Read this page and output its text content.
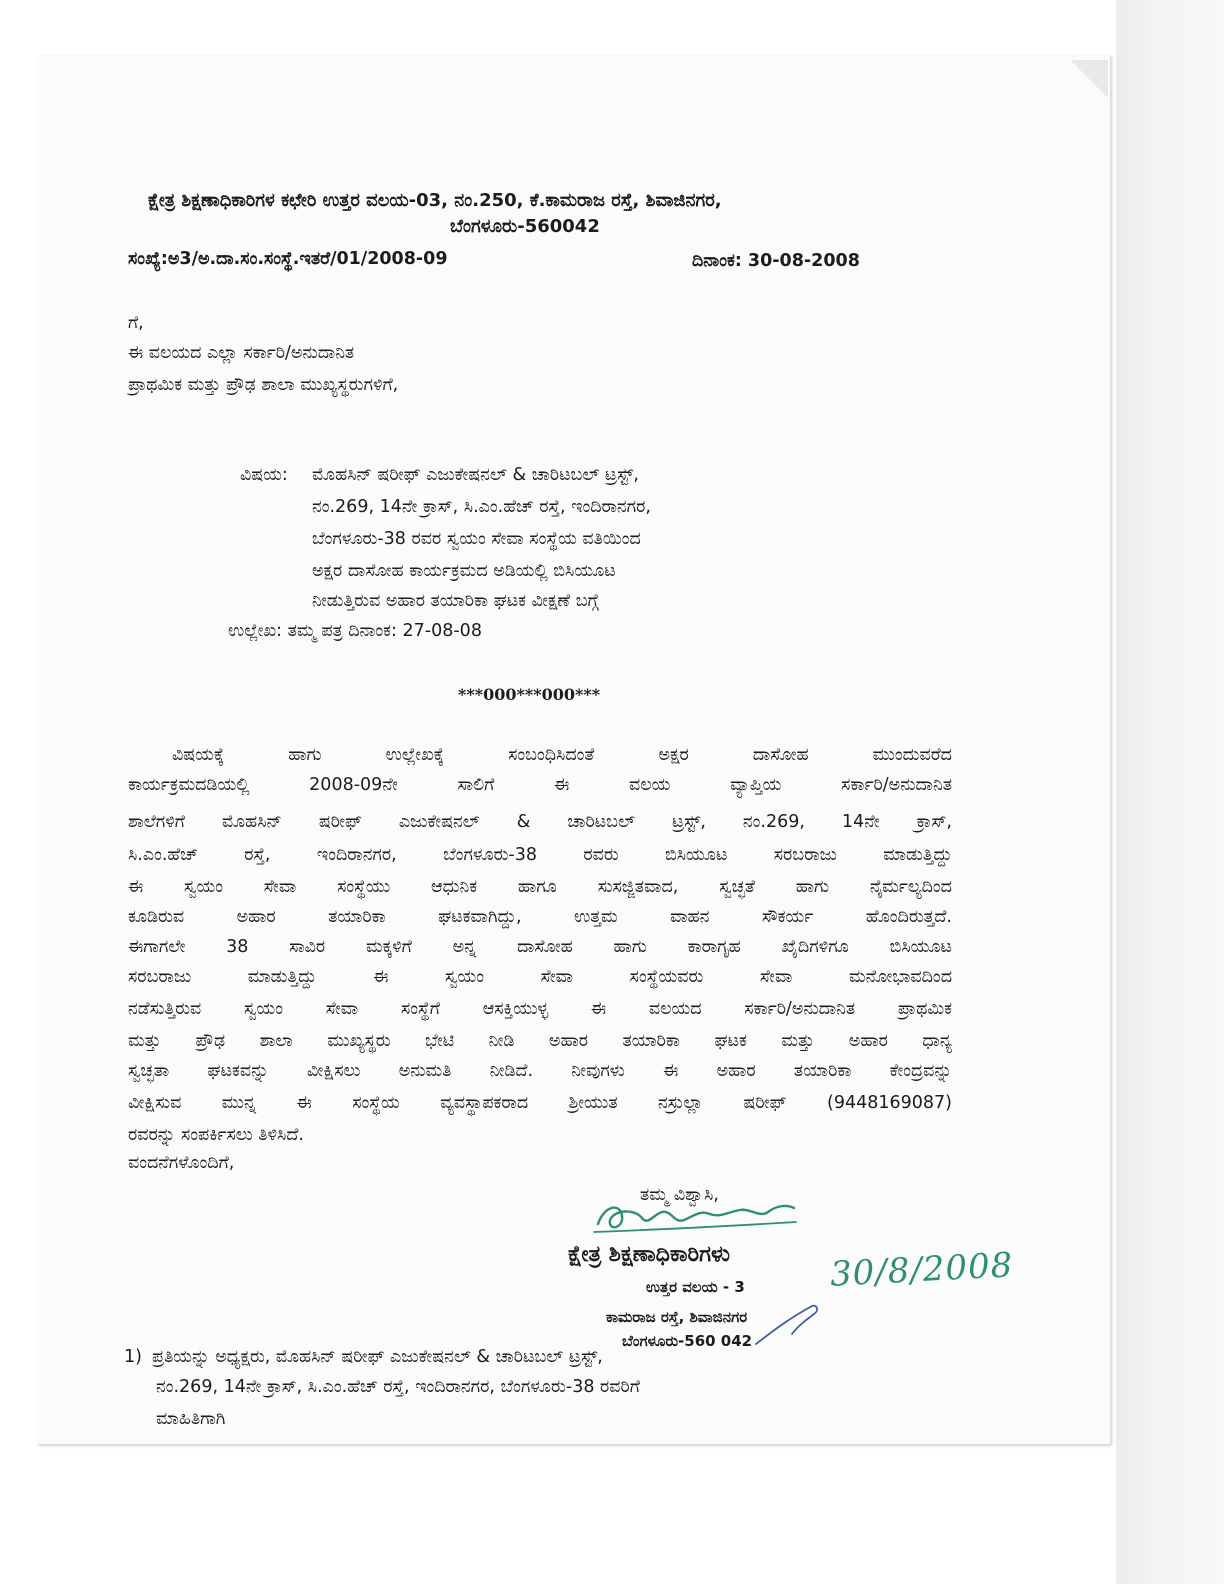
ಕ್ಷೇತ್ರ ಶಿಕ್ಷಣಾಧಿಕಾರಿಗಳ ಕಛೇರಿ ಉತ್ತರ ವಲಯ-03, ನಂ.250, ಕೆ.ಕಾಮರಾಜ ರಸ್ತೆ, ಶಿವಾಜಿನಗರ,
ಬೆಂಗಳೂರು-560042
ಸಂಖ್ಯೆ:ಅ3/ಅ.ದಾ.ಸಂ.ಸಂಸ್ಥೆ.ಇತರೆ/01/2008-09	ದಿನಾಂಕ: 30-08-2008
ಗೆ,
ಈ ವಲಯದ ಎಲ್ಲಾ ಸರ್ಕಾರಿ/ಅನುದಾನಿತ
ಪ್ರಾಥಮಿಕ ಮತ್ತು ಪ್ರೌಢ ಶಾಲಾ ಮುಖ್ಯಸ್ಥರುಗಳಿಗೆ,
ವಿಷಯ: ಮೊಹಸಿನ್ ಷರೀಫ್ ಎಜುಕೇಷನಲ್ & ಚಾರಿಟಬಲ್ ಟ್ರಸ್ಟ್,
ನಂ.269, 14ನೇ ಕ್ರಾಸ್, ಸಿ.ಎಂ.ಹೆಚ್ ರಸ್ತೆ, ಇಂದಿರಾನಗರ,
ಬೆಂಗಳೂರು-38 ರವರ ಸ್ವಯಂ ಸೇವಾ ಸಂಸ್ಥೆಯ ವತಿಯಿಂದ
ಅಕ್ಷರ ದಾಸೋಹ ಕಾರ್ಯಕ್ರಮದ ಅಡಿಯಲ್ಲಿ ಬಿಸಿಯೂಟ
ನೀಡುತ್ತಿರುವ ಅಹಾರ ತಯಾರಿಕಾ ಘಟಕ ವೀಕ್ಷಣೆ ಬಗ್ಗೆ
ಉಲ್ಲೇಖ: ತಮ್ಮ ಪತ್ರ ದಿನಾಂಕ: 27-08-08
***000***000***
ವಿಷಯಕ್ಕೆ ಹಾಗು ಉಲ್ಲೇಖಕ್ಕೆ ಸಂಬಂಧಿಸಿದಂತೆ ಅಕ್ಷರ ದಾಸೋಹ ಮುಂದುವರೆದ
ಕಾರ್ಯಕ್ರಮದಡಿಯಲ್ಲಿ 2008-09ನೇ ಸಾಲಿಗೆ ಈ ವಲಯ ವ್ಯಾಪ್ತಿಯ ಸರ್ಕಾರಿ/ಅನುದಾನಿತ
ಶಾಲೆಗಳಿಗೆ ಮೊಹಸಿನ್ ಷರೀಫ್ ಎಜುಕೇಷನಲ್ & ಚಾರಿಟಬಲ್ ಟ್ರಸ್ಟ್, ನಂ.269, 14ನೇ ಕ್ರಾಸ್,
ಸಿ.ಎಂ.ಹೆಚ್ ರಸ್ತೆ, ಇಂದಿರಾನಗರ, ಬೆಂಗಳೂರು-38 ರವರು ಬಿಸಿಯೂಟ ಸರಬರಾಜು ಮಾಡುತ್ತಿದ್ದು
ಈ ಸ್ವಯಂ ಸೇವಾ ಸಂಸ್ಥೆಯು ಆಧುನಿಕ ಹಾಗೂ ಸುಸಜ್ಜಿತವಾದ, ಸ್ವಚ್ಛತೆ ಹಾಗು ನೈರ್ಮಲ್ಯದಿಂದ
ಕೂಡಿರುವ ಅಹಾರ ತಯಾರಿಕಾ ಘಟಕವಾಗಿದ್ದು, ಉತ್ತಮ ವಾಹನ ಸೌಕರ್ಯ ಹೊಂದಿರುತ್ತದೆ.
ಈಗಾಗಲೇ 38 ಸಾವಿರ ಮಕ್ಕಳಿಗೆ ಅನ್ನ ದಾಸೋಹ ಹಾಗು ಕಾರಾಗೃಹ ಖೈದಿಗಳಿಗೂ ಬಿಸಿಯೂಟ
ಸರಬರಾಜು ಮಾಡುತ್ತಿದ್ದು ಈ ಸ್ವಯಂ ಸೇವಾ ಸಂಸ್ಥೆಯವರು ಸೇವಾ ಮನೋಭಾವದಿಂದ
ನಡೆಸುತ್ತಿರುವ ಸ್ವಯಂ ಸೇವಾ ಸಂಸ್ಥೆಗೆ ಆಸಕ್ತಿಯುಳ್ಳ ಈ ವಲಯದ ಸರ್ಕಾರಿ/ಅನುದಾನಿತ ಪ್ರಾಥಮಿಕ
ಮತ್ತು ಪ್ರೌಢ ಶಾಲಾ ಮುಖ್ಯಸ್ಥರು ಭೇಟಿ ನೀಡಿ ಅಹಾರ ತಯಾರಿಕಾ ಘಟಕ ಮತ್ತು ಅಹಾರ ಧಾನ್ಯ
ಸ್ವಚ್ಛತಾ ಘಟಕವನ್ನು ವೀಕ್ಷಿಸಲು ಅನುಮತಿ ನೀಡಿದೆ. ನೀವುಗಳು ಈ ಅಹಾರ ತಯಾರಿಕಾ ಕೇಂದ್ರವನ್ನು
ವೀಕ್ಷಿಸುವ ಮುನ್ನ ಈ ಸಂಸ್ಥೆಯ ವ್ಯವಸ್ಥಾಪಕರಾದ ಶ್ರೀಯುತ ನಸ್ರುಲ್ಲಾ ಷರೀಫ್ (9448169087)
ರವರನ್ನು ಸಂಪರ್ಕಿಸಲು ತಿಳಿಸಿದೆ.
ವಂದನೆಗಳೊಂದಿಗೆ,
ತಮ್ಮ ವಿಶ್ವಾಸಿ,
ಕ್ಷೇತ್ರ ಶಿಕ್ಷಣಾಧಿಕಾರಿಗಳು	30/8/2008
ಉತ್ತರ ವಲಯ - 3
ಕಾಮರಾಜ ರಸ್ತೆ, ಶಿವಾಜಿನಗರ
ಬೆಂಗಳೂರು-560 042
1) ಪ್ರತಿಯನ್ನು ಅಧ್ಯಕ್ಷರು, ಮೊಹಸಿನ್ ಷರೀಫ್ ಎಜುಕೇಷನಲ್ & ಚಾರಿಟಬಲ್ ಟ್ರಸ್ಟ್,
ನಂ.269, 14ನೇ ಕ್ರಾಸ್, ಸಿ.ಎಂ.ಹೆಚ್ ರಸ್ತೆ, ಇಂದಿರಾನಗರ, ಬೆಂಗಳೂರು-38 ರವರಿಗೆ
ಮಾಹಿತಿಗಾಗಿ
